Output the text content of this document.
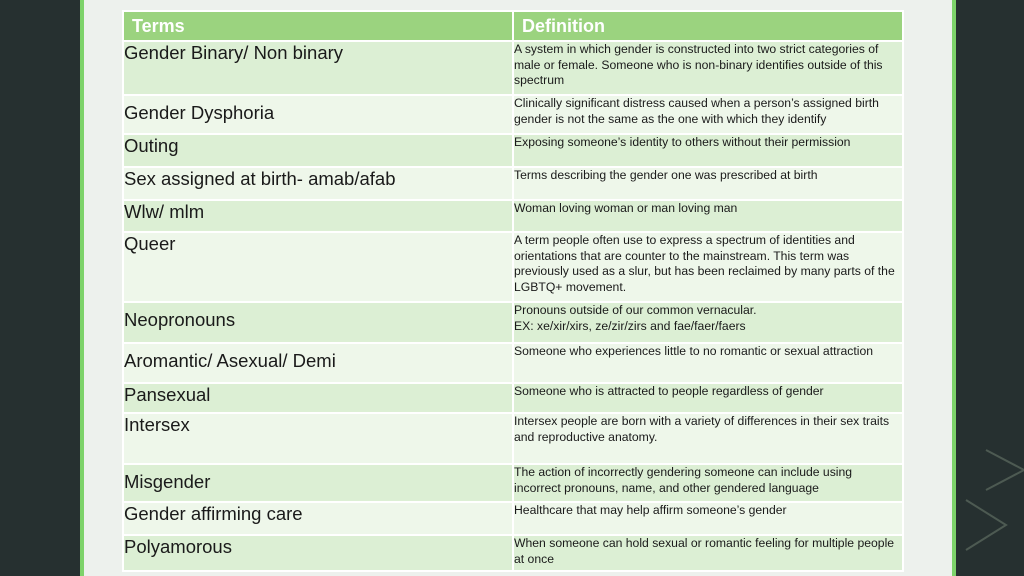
Terms	Definition
Gender Binary/ Non binary	A system in which gender is constructed into two strict categories of male or female. Someone who is non-binary identifies outside of this spectrum
Gender Dysphoria	Clinically significant distress caused when a person’s assigned birth gender is not the same as the one with which they identify
Outing	Exposing someone’s identity to others without their permission
Sex assigned at birth- amab/afab	Terms describing the gender one was prescribed at birth
Wlw/ mlm	Woman loving woman or man loving man
Queer	A term people often use to express a spectrum of identities and orientations that are counter to the mainstream. This term was previously used as a slur, but has been reclaimed by many parts of the LGBTQ+ movement.
Neopronouns	Pronouns outside of our common vernacular.
EX: xe/xir/xirs, ze/zir/zirs and fae/faer/faers

Aromantic/ Asexual/ Demi	Someone who experiences little to no romantic or sexual attraction
Pansexual	Someone who is attracted to people regardless of gender
Intersex	Intersex people are born with a variety of differences in their sex traits and reproductive anatomy.
Misgender	The action of incorrectly gendering someone can include using incorrect pronouns, name, and other gendered language
Gender affirming care	Healthcare that may help affirm someone’s gender
Polyamorous	When someone can hold sexual or romantic feeling for multiple people at once
